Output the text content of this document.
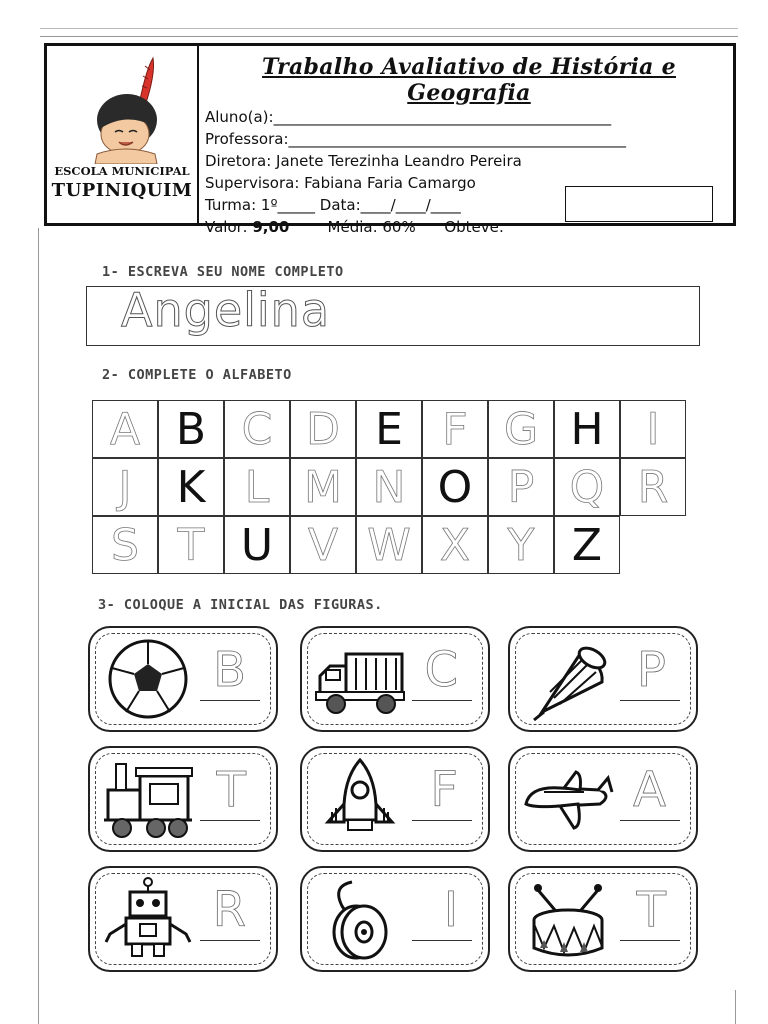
ESCOLA MUNICIPAL
TUPINIQUIM
Trabalho Avaliativo de História e Geografia
Aluno(a):_____________________________________________
Professora:_____________________________________________
Diretora: Janete Terezinha Leandro Pereira
Supervisora: Fabiana Faria Camargo
Turma: 1º_____ Data:____/____/____
Valor: 9,00        Média: 60%      Obteve:
1- ESCREVA SEU NOME COMPLETO
Angelina
2- COMPLETE O ALFABETO
A B C D E F G H I
J	K L M N O P Q R
S T U V W X Y Z
3- COLOQUE A INICIAL DAS FIGURAS.
B	C	P
T	F	A
R	I	T
